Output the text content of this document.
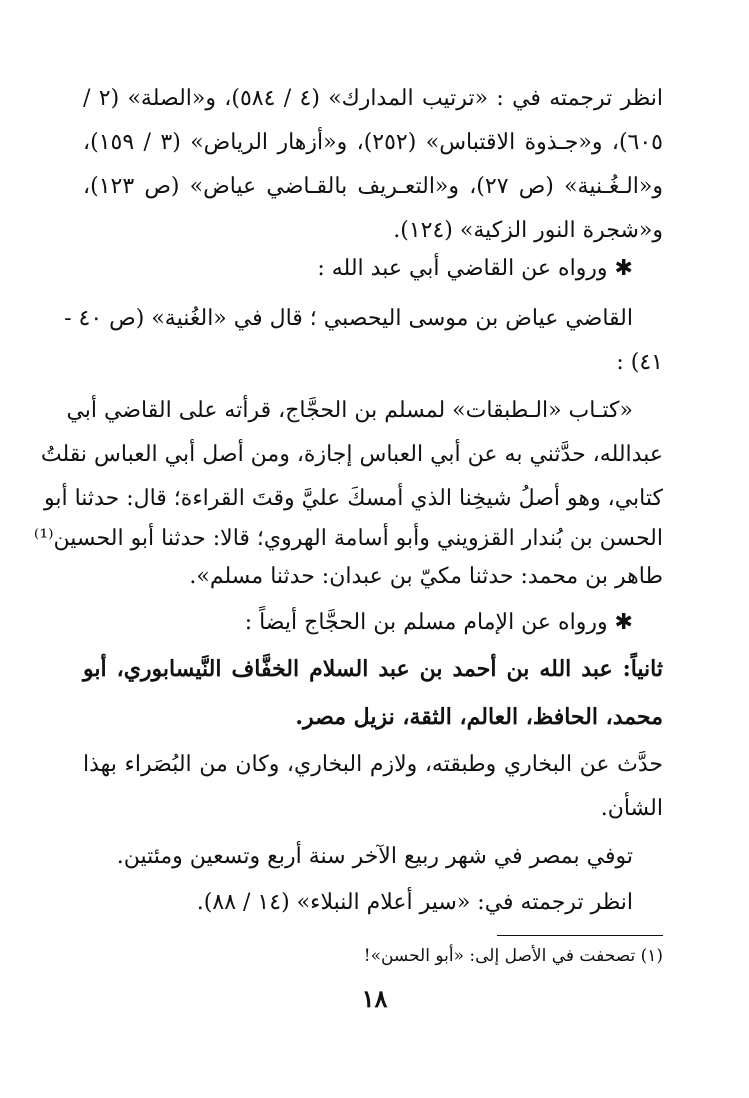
انظر ترجمته في : «ترتيب المدارك» (٤ / ٥٨٤)، و«الصلة» (٢ /
٦٠٥)، و«جـذوة الاقتباس» (٢٥٢)، و«أزهار الرياض» (٣ / ١٥٩)،
و«الـغُـنية» (ص ٢٧)، و«التعـريف بالقـاضي عياض» (ص ١٢٣)،
و«شجرة النور الزكية» (١٢٤).
✱ ورواه عن القاضي أبي عبد الله :
القاضي عياض بن موسى اليحصبي ؛ قال في «الغُنية» (ص ٤٠ -
٤١) :
«كتـاب «الـطبقات» لمسلم بن الحجَّاج، قرأته على القاضي أبي
عبدالله، حدَّثني به عن أبي العباس إجازة، ومن أصل أبي العباس نقلتُ
كتابي، وهو أصلُ شيخِنا الذي أمسكَ عليَّ وقتَ القراءة؛ قال: حدثنا أبو
الحسن بن بُندار القزويني وأبو أسامة الهروي؛ قالا: حدثنا أبو الحسين⁽¹⁾
طاهر بن محمد: حدثنا مكيّ بن عبدان: حدثنا مسلم».
✱ ورواه عن الإمام مسلم بن الحجَّاج أيضاً :
ثانياً: عبد الله بن أحمد بن عبد السلام الخفَّاف النَّيسابوري، أبو
محمد، الحافظ، العالم، الثقة، نزيل مصر.
حدَّث عن البخاري وطبقته، ولازم البخاري، وكان من البُصَراء بهذا
الشأن.
توفي بمصر في شهر ربيع الآخر سنة أربع وتسعين ومئتين.
انظر ترجمته في: «سير أعلام النبلاء» (١٤ / ٨٨).
(١) تصحفت في الأصل إلى: «أبو الحسن»!
١٨
